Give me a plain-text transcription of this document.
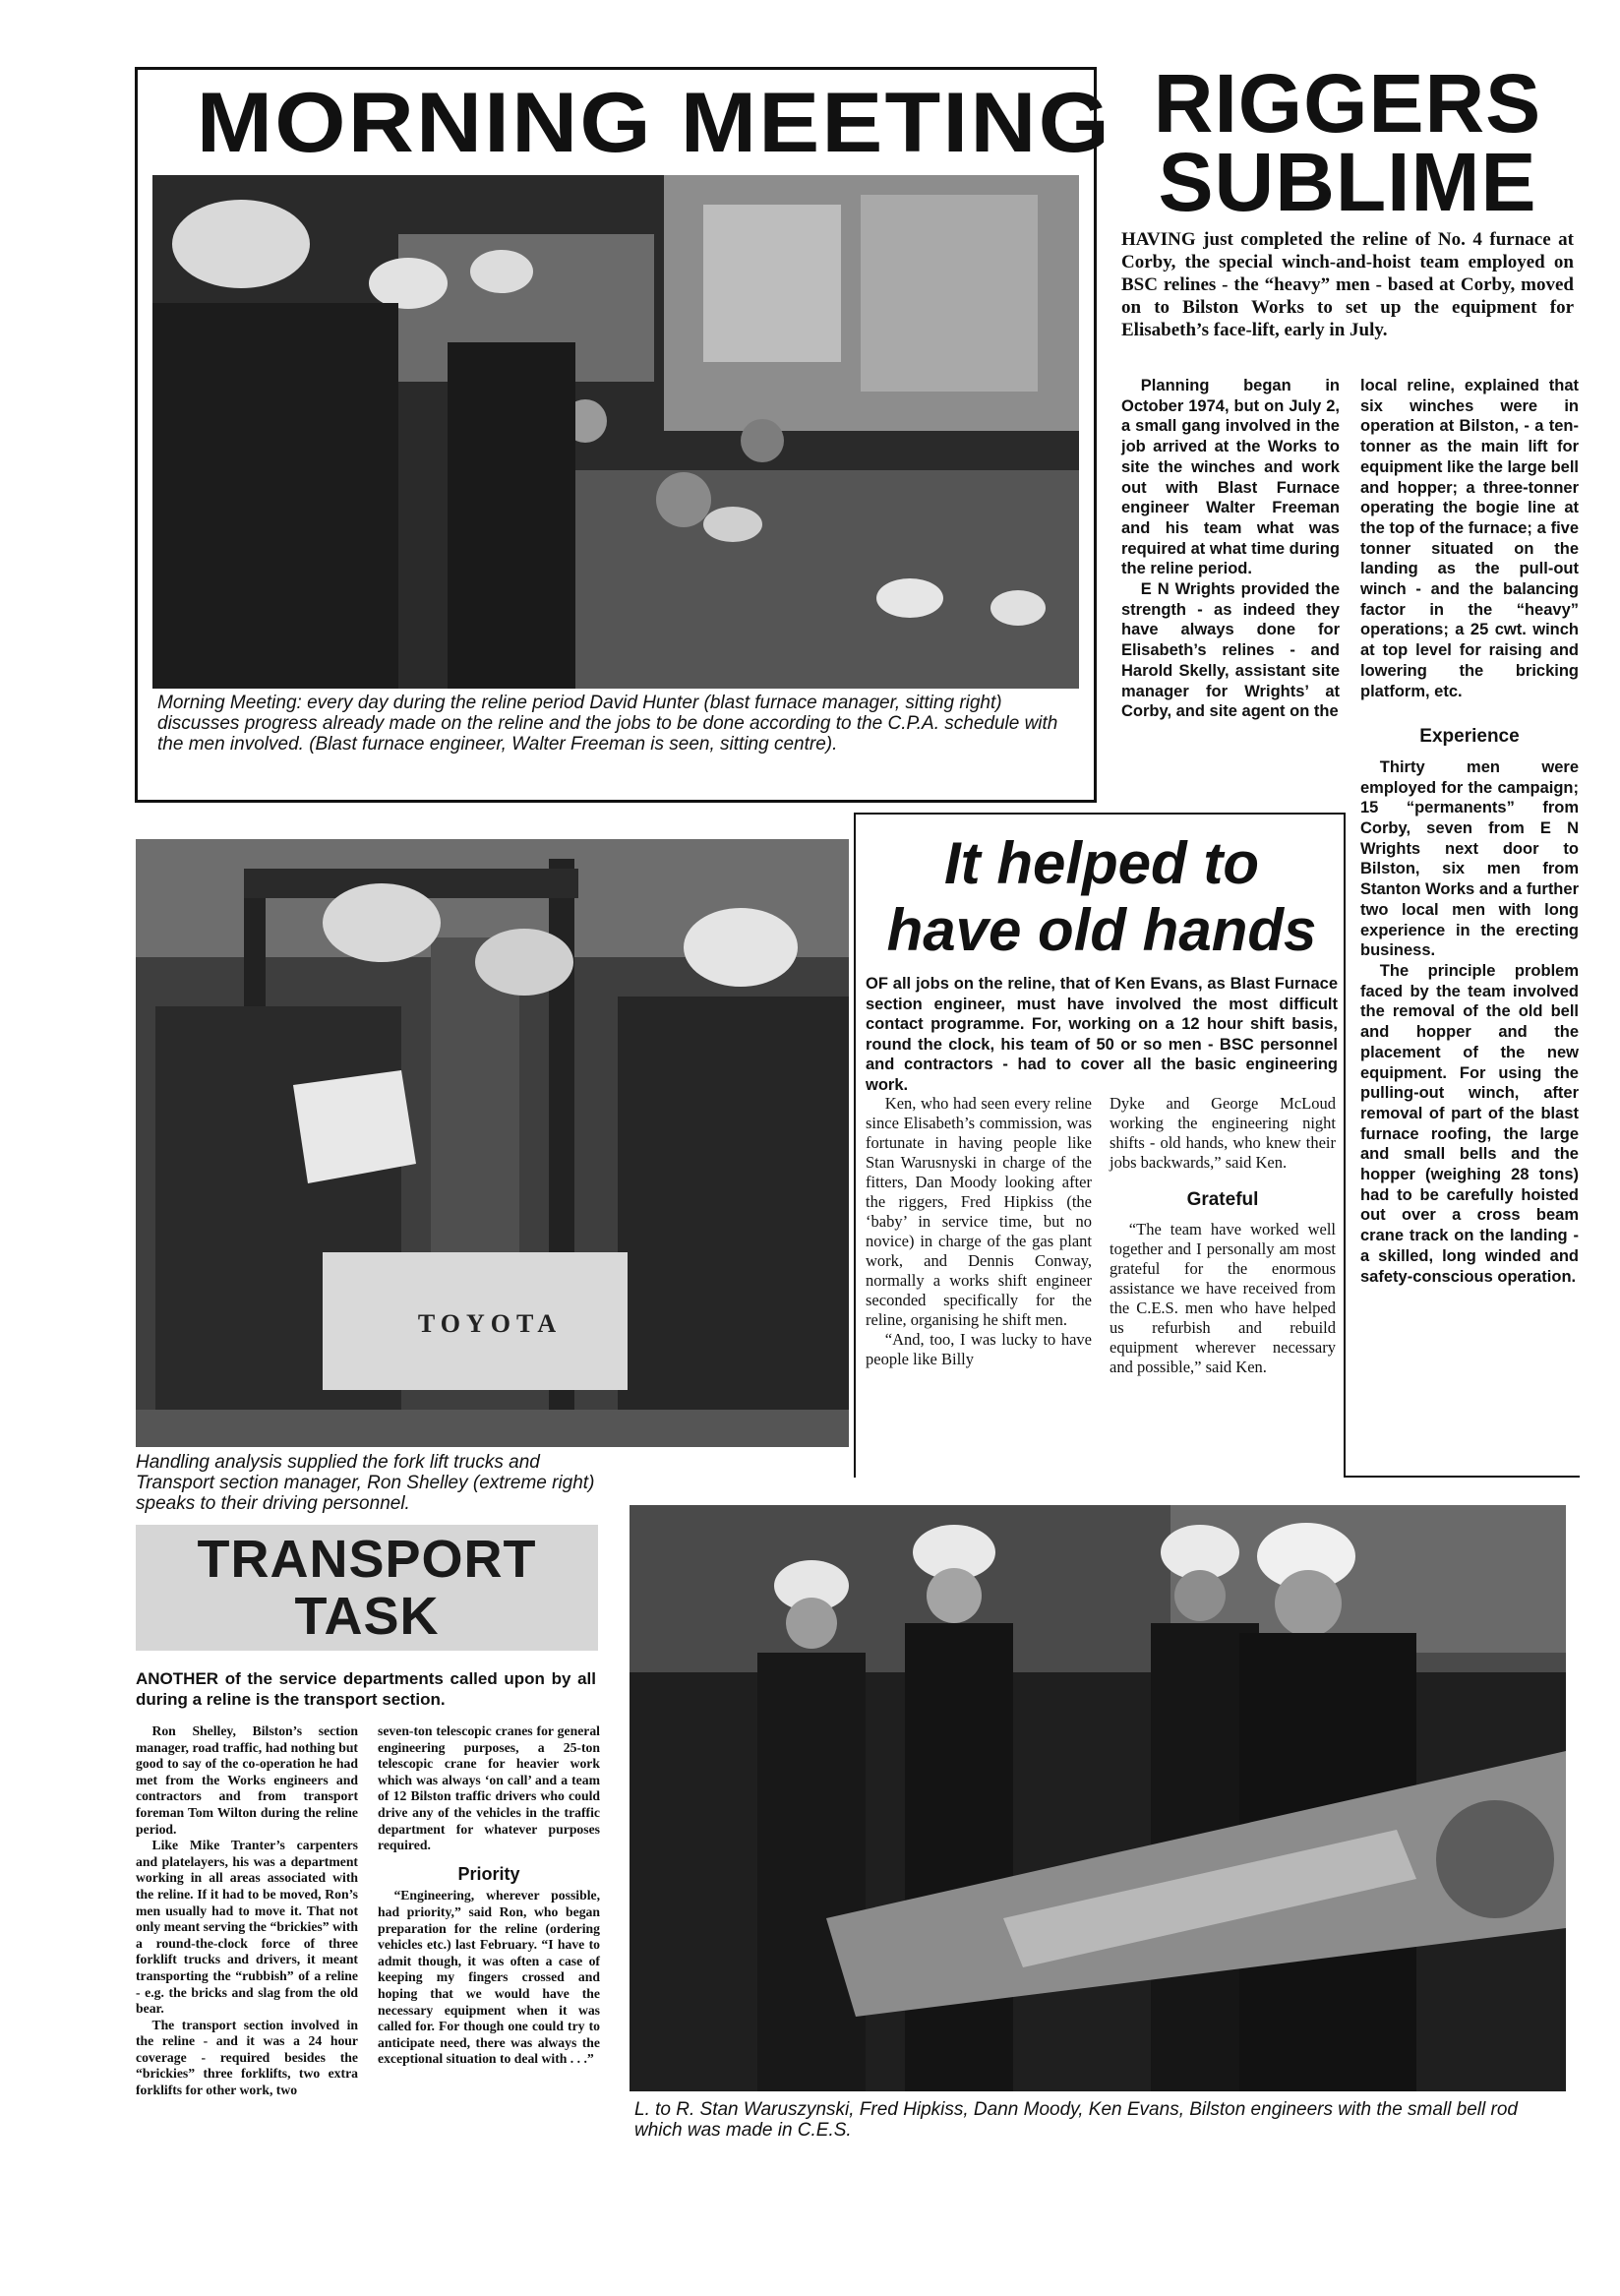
MORNING MEETING
Morning Meeting: every day during the reline period David Hunter (blast furnace manager, sitting right) discusses progress already made on the reline and the jobs to be done according to the C.P.A. schedule with the men involved. (Blast furnace engineer, Walter Freeman is seen, sitting centre).
RIGGERS
SUBLIME
HAVING just completed the reline of No. 4 furnace at Corby, the special winch-and-hoist team employed on BSC relines - the “heavy” men - based at Corby, moved on to Bilston Works to set up the equipment for Elisabeth’s face-lift, early in July.

Planning began in October 1974, but on July 2, a small gang involved in the job arrived at the Works to site the winches and work out with Blast Furnace engineer Walter Freeman and his team what was required at what time during the reline period.

E N Wrights provided the strength - as indeed they have always done for Elisabeth’s relines - and Harold Skelly, assistant site manager for Wrights’ at Corby, and site agent on the

local reline, explained that six winches were in operation at Bilston, - a ten-tonner as the main lift for equipment like the large bell and hopper; a three-tonner operating the bogie line at the top of the furnace; a five tonner situated on the landing as the pull-out winch - and the balancing factor in the “heavy” operations; a 25 cwt. winch at top level for raising and lowering the bricking platform, etc.

Experience

Thirty men were employed for the campaign; 15 “permanents” from Corby, seven from E N Wrights next door to Bilston, six men from Stanton Works and a further two local men with long experience in the erecting business.

The principle problem faced by the team involved the removal of the old bell and hopper and the placement of the new equipment. For using the pulling-out winch, after removal of part of the blast furnace roofing, the large and small bells and the hopper (weighing 28 tons) had to be carefully hoisted out over a cross beam crane track on the landing - a skilled, long winded and safety-conscious operation.

TOYOTA
Handling analysis supplied the fork lift trucks and Transport section manager, Ron Shelley (extreme right) speaks to their driving personnel.
It helped to
have old hands
OF all jobs on the reline, that of Ken Evans, as Blast Furnace section engineer, must have involved the most difficult contact programme. For, working on a 12 hour shift basis, round the clock, his team of 50 or so men - BSC personnel and contractors - had to cover all the basic engineering work.

Ken, who had seen every reline since Elisabeth’s commission, was fortunate in having people like Stan Warusnyski in charge of the fitters, Dan Moody looking after the riggers, Fred Hipkiss (the ‘baby’ in service time, but no novice) in charge of the gas plant work, and Dennis Conway, normally a works shift engineer seconded specifically for the reline, organising he shift men.

“And, too, I was lucky to have people like Billy

Dyke and George McLoud working the engineering night shifts - old hands, who knew their jobs backwards,” said Ken.

Grateful

“The team have worked well together and I personally am most grateful for the enormous assistance we have received from the C.E.S. men who have helped us refurbish and rebuild equipment wherever necessary and possible,” said Ken.

TRANSPORT
TASK
ANOTHER of the service departments called upon by all during a reline is the transport section.

Ron Shelley, Bilston’s section manager, road traffic, had nothing but good to say of the co-operation he had met from the Works engineers and contractors and from transport foreman Tom Wilton during the reline period.

Like Mike Tranter’s carpenters and platelayers, his was a department working in all areas associated with the reline. If it had to be moved, Ron’s men usually had to move it. That not only meant serving the “brickies” with a round-the-clock force of three forklift trucks and drivers, it meant transporting the “rubbish” of a reline - e.g. the bricks and slag from the old bear.

The transport section involved in the reline - and it was a 24 hour coverage - required besides the “brickies” three forklifts, two extra forklifts for other work, two

seven-ton telescopic cranes for general engineering purposes, a 25-ton telescopic crane for heavier work which was always ‘on call’ and a team of 12 Bilston traffic drivers who could drive any of the vehicles in the traffic department for whatever purposes required.

Priority

“Engineering, wherever possible, had priority,” said Ron, who began preparation for the reline (ordering vehicles etc.) last February. “I have to admit though, it was often a case of keeping my fingers crossed and hoping that we would have the necessary equipment when it was called for. For though one could try to anticipate need, there was always the exceptional situation to deal with . . .”

L. to R. Stan Waruszynski, Fred Hipkiss, Dann Moody, Ken Evans, Bilston engineers with the small bell rod which was made in C.E.S.
